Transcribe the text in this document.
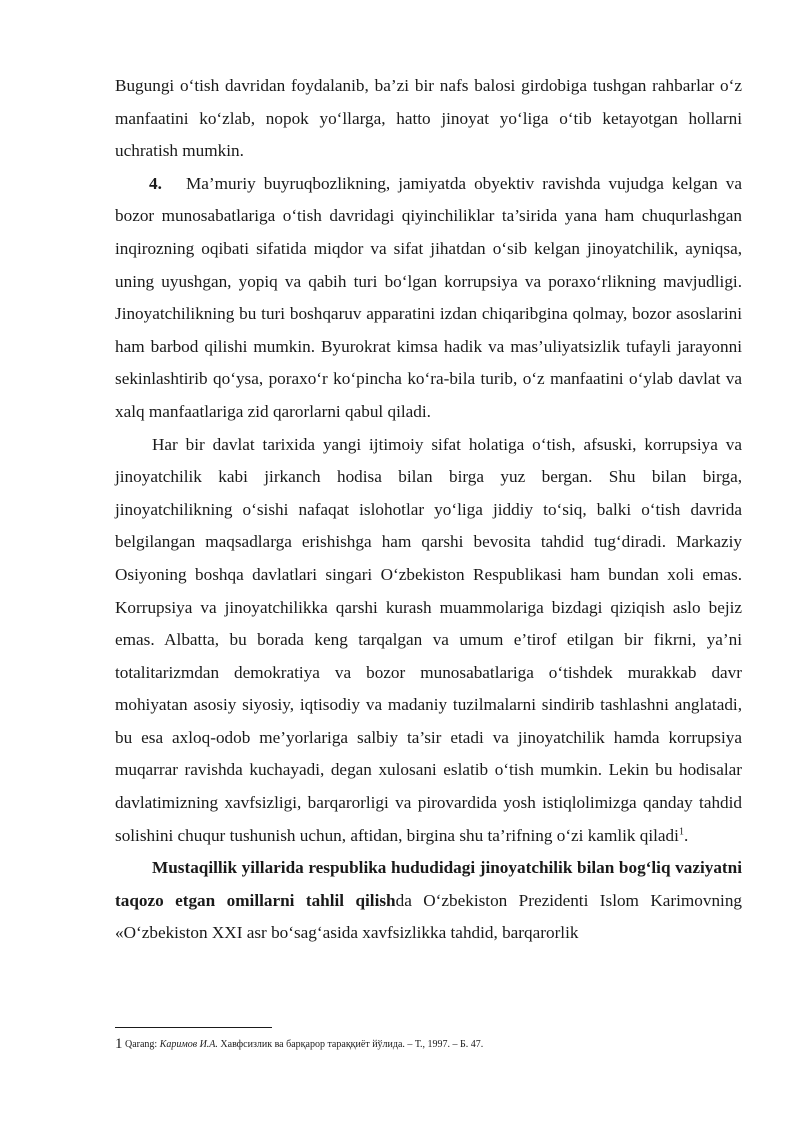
Bugungi o‘tish davridan foydalanib, ba’zi bir nafs balosi girdobiga tushgan rahbarlar o‘z manfaatini ko‘zlab, nopok yo‘llarga, hatto jinoyat yo‘liga o‘tib ketayotgan hollarni uchratish mumkin.

4. Ma’muriy buyruqbozlikning, jamiyatda obyektiv ravishda vujudga kelgan va bozor munosabatlariga o‘tish davridagi qiyinchiliklar ta’sirida yana ham chuqurlashgan inqirozning oqibati sifatida miqdor va sifat jihatdan o‘sib kelgan jinoyatchilik, ayniqsa, uning uyushgan, yopiq va qabih turi bo‘lgan korrupsiya va poraxo‘rlikning mavjudligi. Jinoyatchilikning bu turi boshqaruv apparatini izdan chiqaribgina qolmay, bozor asoslarini ham barbod qilishi mumkin. Byurokrat kimsa hadik va mas’uliyatsizlik tufayli jarayonni sekinlashtirib qo‘ysa, poraxo‘r ko‘pincha ko‘ra-bila turib, o‘z manfaatini o‘ylab davlat va xalq manfaatlariga zid qarorlarni qabul qiladi.

Har bir davlat tarixida yangi ijtimoiy sifat holatiga o‘tish, afsuski, korrupsiya va jinoyatchilik kabi jirkanch hodisa bilan birga yuz bergan. Shu bilan birga, jinoyatchilikning o‘sishi nafaqat islohotlar yo‘liga jiddiy to‘siq, balki o‘tish davrida belgilangan maqsadlarga erishishga ham qarshi bevosita tahdid tug‘diradi. Markaziy Osiyoning boshqa davlatlari singari O‘zbekiston Respublikasi ham bundan xoli emas. Korrupsiya va jinoyatchilikka qarshi kurash muammolariga bizdagi qiziqish aslo bejiz emas. Albatta, bu borada keng tarqalgan va umum e’tirof etilgan bir fikrni, ya’ni totalitarizmdan demokratiya va bozor munosabatlariga o‘tishdek murakkab davr mohiyatan asosiy siyosiy, iqtisodiy va madaniy tuzilmalarni sindirib tashlashni anglatadi, bu esa axloq-odob me’yorlariga salbiy ta’sir etadi va jinoyatchilik hamda korrupsiya muqarrar ravishda kuchayadi, degan xulosani eslatib o‘tish mumkin. Lekin bu hodisalar davlatimizning xavfsizligi, barqarorligi va pirovardida yosh istiqlolimizga qanday tahdid solishini chuqur tushunish uchun, aftidan, birgina shu ta’rifning o‘zi kamlik qiladi$^1$.

Mustaqillik yillarida respublika hududidagi jinoyatchilik bilan bog‘liq vaziyatni taqozo etgan omillarni tahlil qilishda O‘zbekiston Prezidenti Islom Karimovning «O‘zbekiston XXI asr bo‘sag‘asida xavfsizlikka tahdid, barqarorlik

1 Qarang: Каримов И.А. Хавфсизлик ва барқарор тараққиёт йўлида. – Т., 1997. – Б. 47.
